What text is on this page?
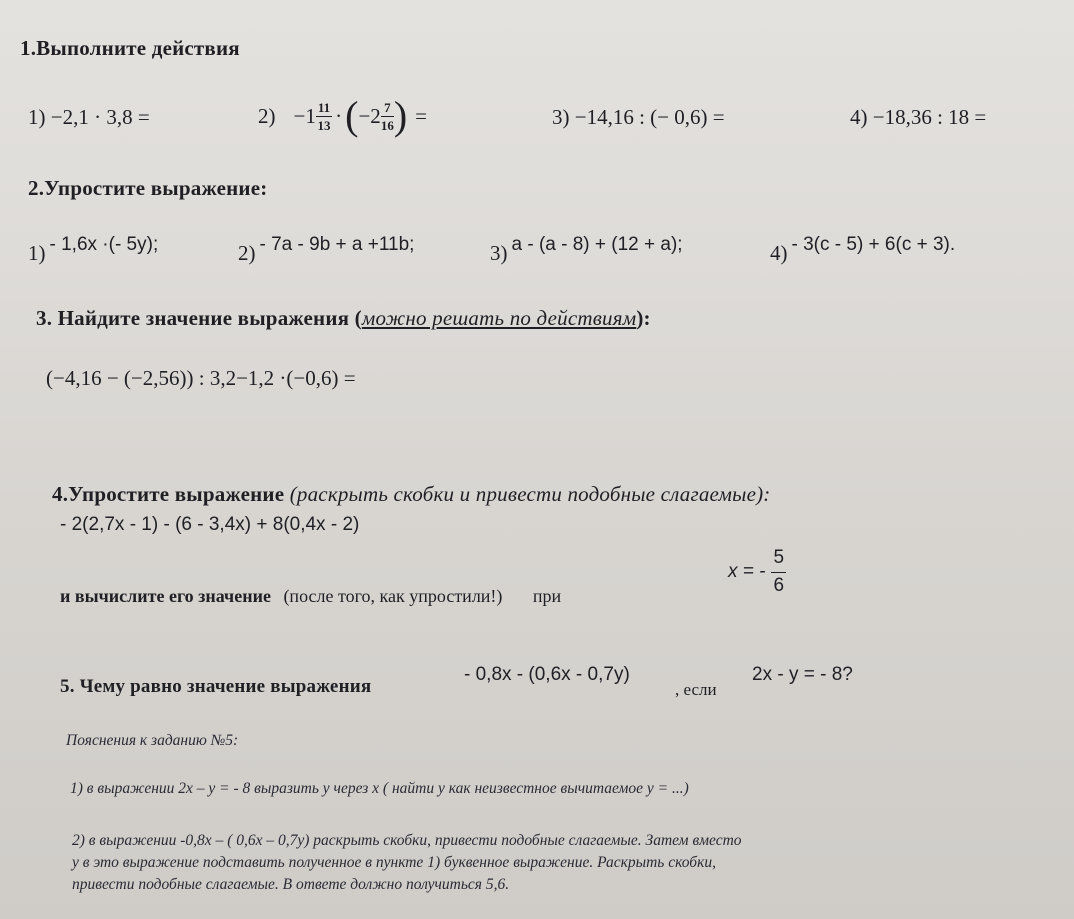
1.Выполните действия
1) −2,1 · 3,8 =	$2) -1 \frac{11}{13}$ · ( $-2 \frac{7}{16}$ ) =	3) −14,16 : (− 0,6) =	4) −18,36 : 18 =
2.Упростите выражение:
1) - 1,6x ·(- 5y);	2) - 7a - 9b + a +11b;	3) a - (a - 8) + (12 + a);	4) - 3(c - 5) + 6(c + 3).
3. Найдите значение выражения (можно решать по действиям):
(−4,16 − (−2,56)) : 3,2−1,2 ·(−0,6) =
4.Упростите выражение (раскрыть скобки и привести подобные слагаемые):
- 2(2,7x - 1) - (6 - 3,4x) + 8(0,4x - 2)
и вычислите его значение (после того, как упростили!) при
x = - $\frac{5}{6}$
5. Чему равно значение выражения
- 0,8x - (0,6x - 0,7y)
, если
2x - y = - 8?
Пояснения к заданию №5:
1) в выражении 2x – y = - 8 выразить y через x ( найти y как неизвестное вычитаемое y = ...)
2) в выражении -0,8x – ( 0,6x – 0,7y) раскрыть скобки, привести подобные слагаемые. Затем вместо
y в это выражение подставить полученное в пункте 1) буквенное выражение. Раскрыть скобки,
привести подобные слагаемые. В ответе должно получиться 5,6.
